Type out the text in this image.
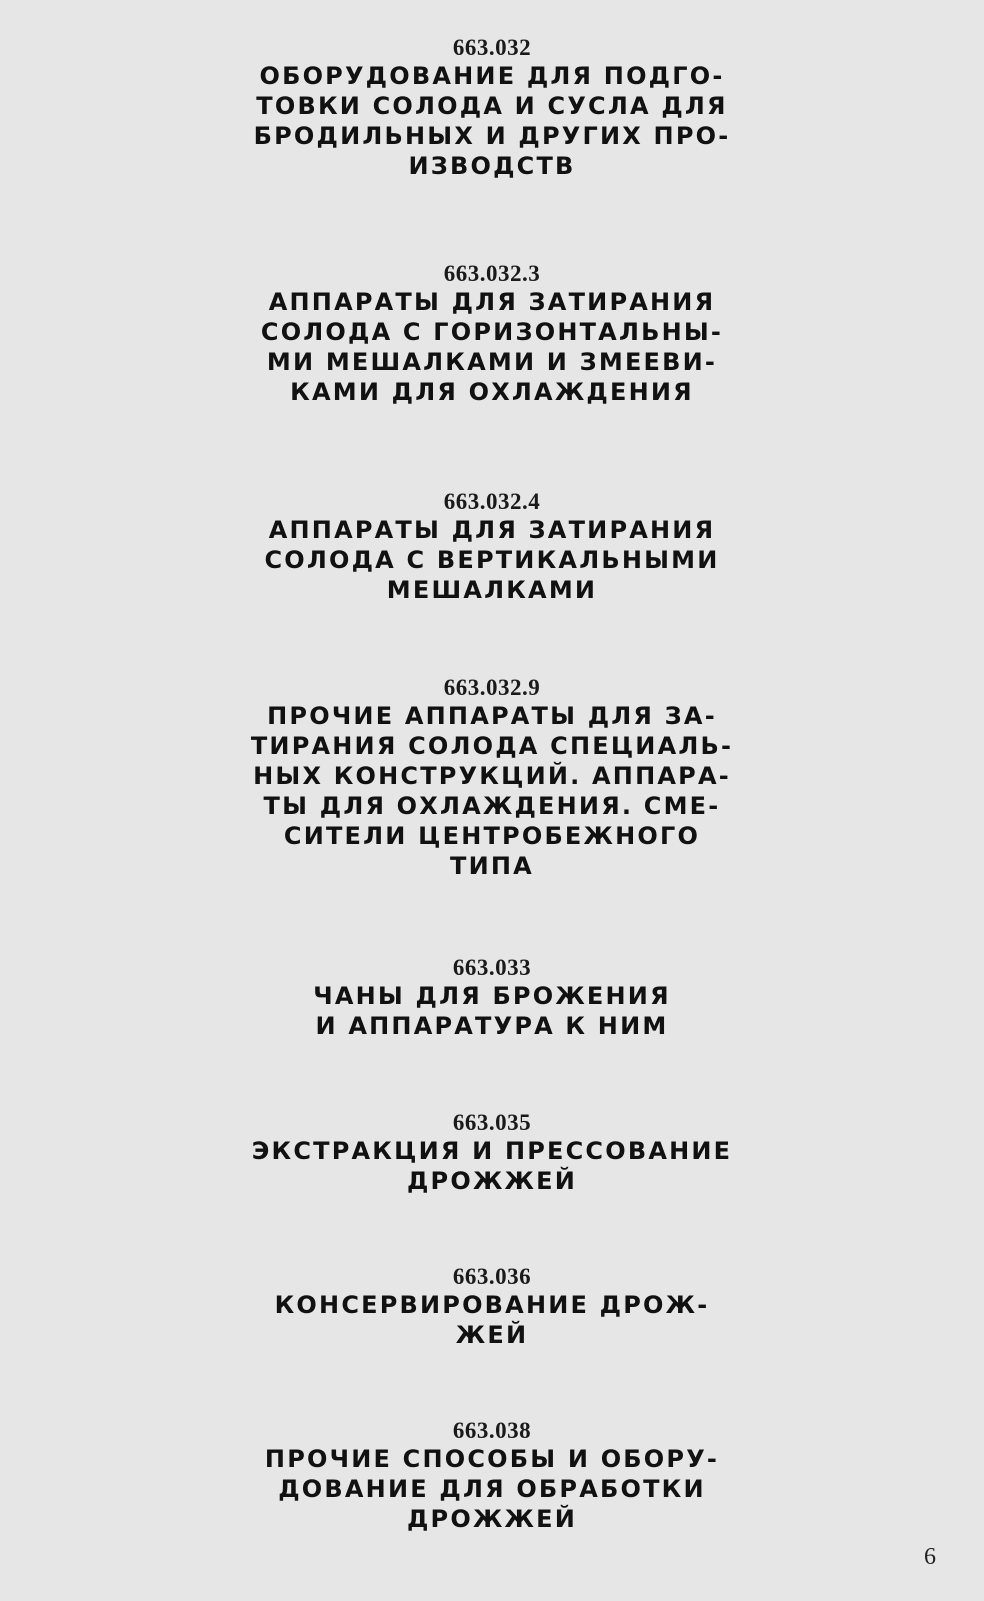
663.032
ОБОРУДОВАНИЕ ДЛЯ ПОДГО-
ТОВКИ СОЛОДА И СУСЛА ДЛЯ
БРОДИЛЬНЫХ И ДРУГИХ ПРО-
ИЗВОДСТВ
663.032.3
АППАРАТЫ ДЛЯ ЗАТИРАНИЯ
СОЛОДА С ГОРИЗОНТАЛЬНЫ-
МИ МЕШАЛКАМИ И ЗМЕЕВИ-
КАМИ ДЛЯ ОХЛАЖДЕНИЯ
663.032.4
АППАРАТЫ ДЛЯ ЗАТИРАНИЯ
СОЛОДА С ВЕРТИКАЛЬНЫМИ
МЕШАЛКАМИ
663.032.9
ПРОЧИЕ АППАРАТЫ ДЛЯ ЗА-
ТИРАНИЯ СОЛОДА СПЕЦИАЛЬ-
НЫХ КОНСТРУКЦИЙ. АППАРА-
ТЫ ДЛЯ ОХЛАЖДЕНИЯ. СМЕ-
СИТЕЛИ ЦЕНТРОБЕЖНОГО
ТИПА
663.033
ЧАНЫ ДЛЯ БРОЖЕНИЯ
И АППАРАТУРА К НИМ
663.035
ЭКСТРАКЦИЯ И ПРЕССОВАНИЕ
ДРОЖЖЕЙ
663.036
КОНСЕРВИРОВАНИЕ ДРОЖ-
ЖЕЙ
663.038
ПРОЧИЕ СПОСОБЫ И ОБОРУ-
ДОВАНИЕ ДЛЯ ОБРАБОТКИ
ДРОЖЖЕЙ
6
